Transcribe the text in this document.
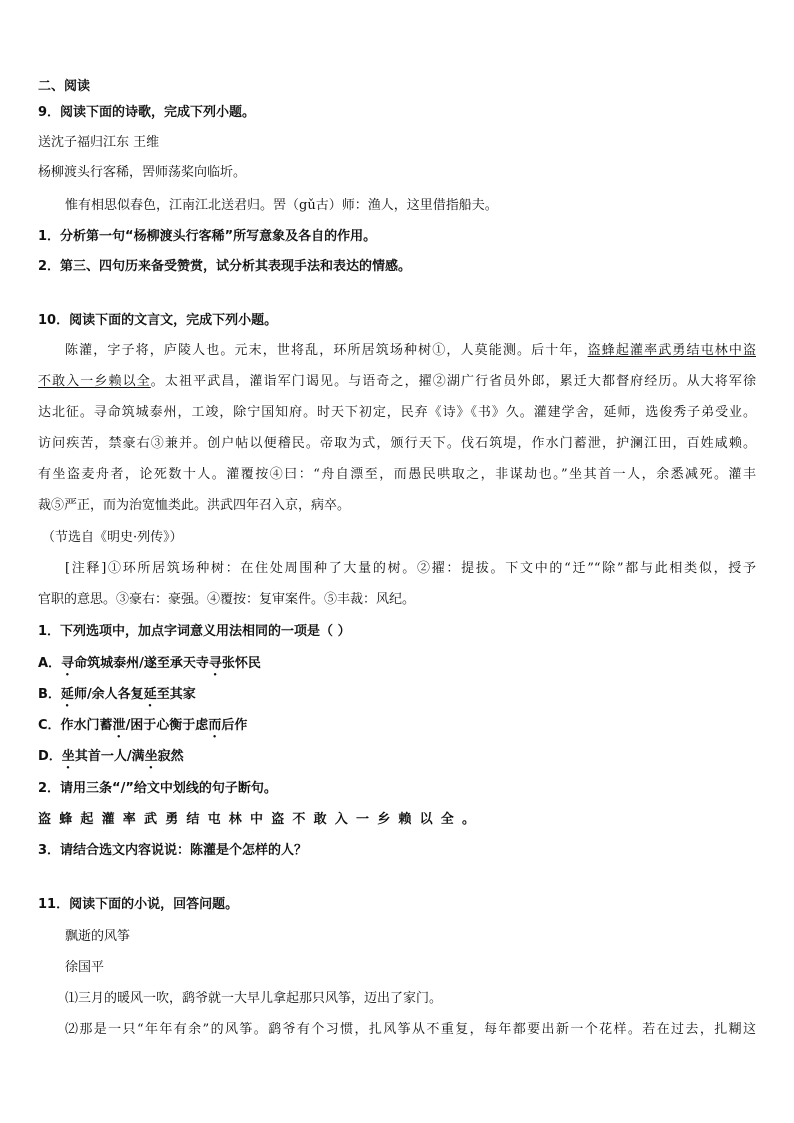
二、阅读
9．阅读下面的诗歌，完成下列小题。
送沈子福归江东 王维
杨柳渡头行客稀，罟师荡桨向临圻。
惟有相思似春色，江南江北送君归。罟（gǔ古）师：渔人，这里借指船夫。
1．分析第一句“杨柳渡头行客稀”所写意象及各自的作用。
2．第三、四句历来备受赞赏，试分析其表现手法和表达的情感。
10．阅读下面的文言文，完成下列小题。
陈灌，字子将，庐陵人也。元末，世将乱，环所居筑场种树①，人莫能测。后十年，盗蜂起灌率武勇结屯林中盗
不敢入一乡赖以全。太祖平武昌，灌诣军门谒见。与语奇之，擢②湖广行省员外郎，累迁大都督府经历。从大将军徐
达北征。寻命筑城泰州，工竣，除宁国知府。时天下初定，民弃《诗》《书》久。灌建学舍，延师，选俊秀子弟受业。
访问疾苦，禁豪右③兼并。创户帖以便稽民。帝取为式，颁行天下。伐石筑堤，作水门蓄泄，护澜江田，百姓咸赖。
有坐盗麦舟者，论死数十人。灌覆按④曰：“舟自漂至，而愚民哄取之，非谋劫也。”坐其首一人，余悉减死。灌丰
裁⑤严正，而为治宽恤类此。洪武四年召入京，病卒。
（节选自《明史·列传》）
[注释]①环所居筑场种树：在住处周围种了大量的树。②擢：提拔。下文中的“迁”“除”都与此相类似，授予
官职的意思。③豪右：豪强。④覆按：复审案件。⑤丰裁：风纪。
1．下列选项中，加点字词意义用法相同的一项是（ ）
A．寻命筑城泰州/遂至承天寺寻张怀民
B．延师/余人各复延至其家
C．作水门蓄泄/困于心衡于虑而后作
D．坐其首一人/满坐寂然
2．请用三条“/”给文中划线的句子断句。
盗蜂起灌率武勇结屯林中盗不敢入一乡赖以全。
3．请结合选文内容说说：陈灌是个怎样的人？
11．阅读下面的小说，回答问题。
飘逝的风筝
徐国平
⑴三月的暖风一吹，鹞爷就一大早儿拿起那只风筝，迈出了家门。
⑵那是一只“年年有余”的风筝。鹞爷有个习惯，扎风筝从不重复，每年都要出新一个花样。若在过去，扎糊这
